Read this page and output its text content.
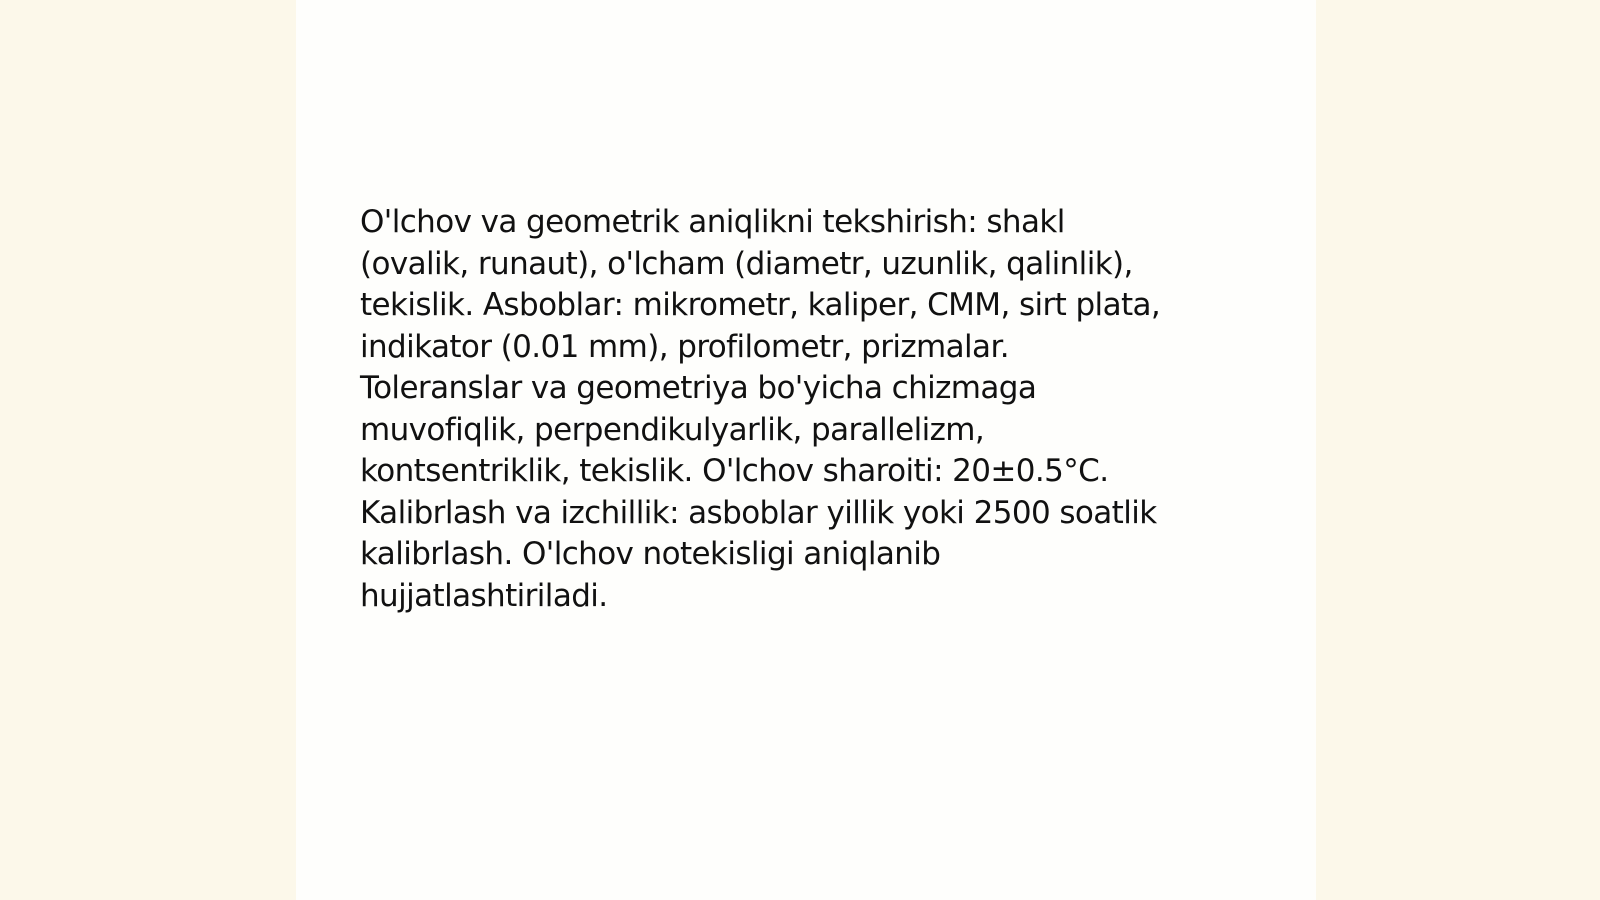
O'lchov va geometrik aniqlikni tekshirish: shakl
(ovalik, runaut), o'lcham (diametr, uzunlik, qalinlik),
tekislik. Asboblar: mikrometr, kaliper, CMM, sirt plata,
indikator (0.01 mm), profilometr, prizmalar.
Toleranslar va geometriya bo'yicha chizmaga
muvofiqlik, perpendikulyarlik, parallelizm,
kontsentriklik, tekislik. O'lchov sharoiti: 20±0.5°C.
Kalibrlash va izchillik: asboblar yillik yoki 2500 soatlik
kalibrlash. O'lchov notekisligi aniqlanib
hujjatlashtiriladi.
